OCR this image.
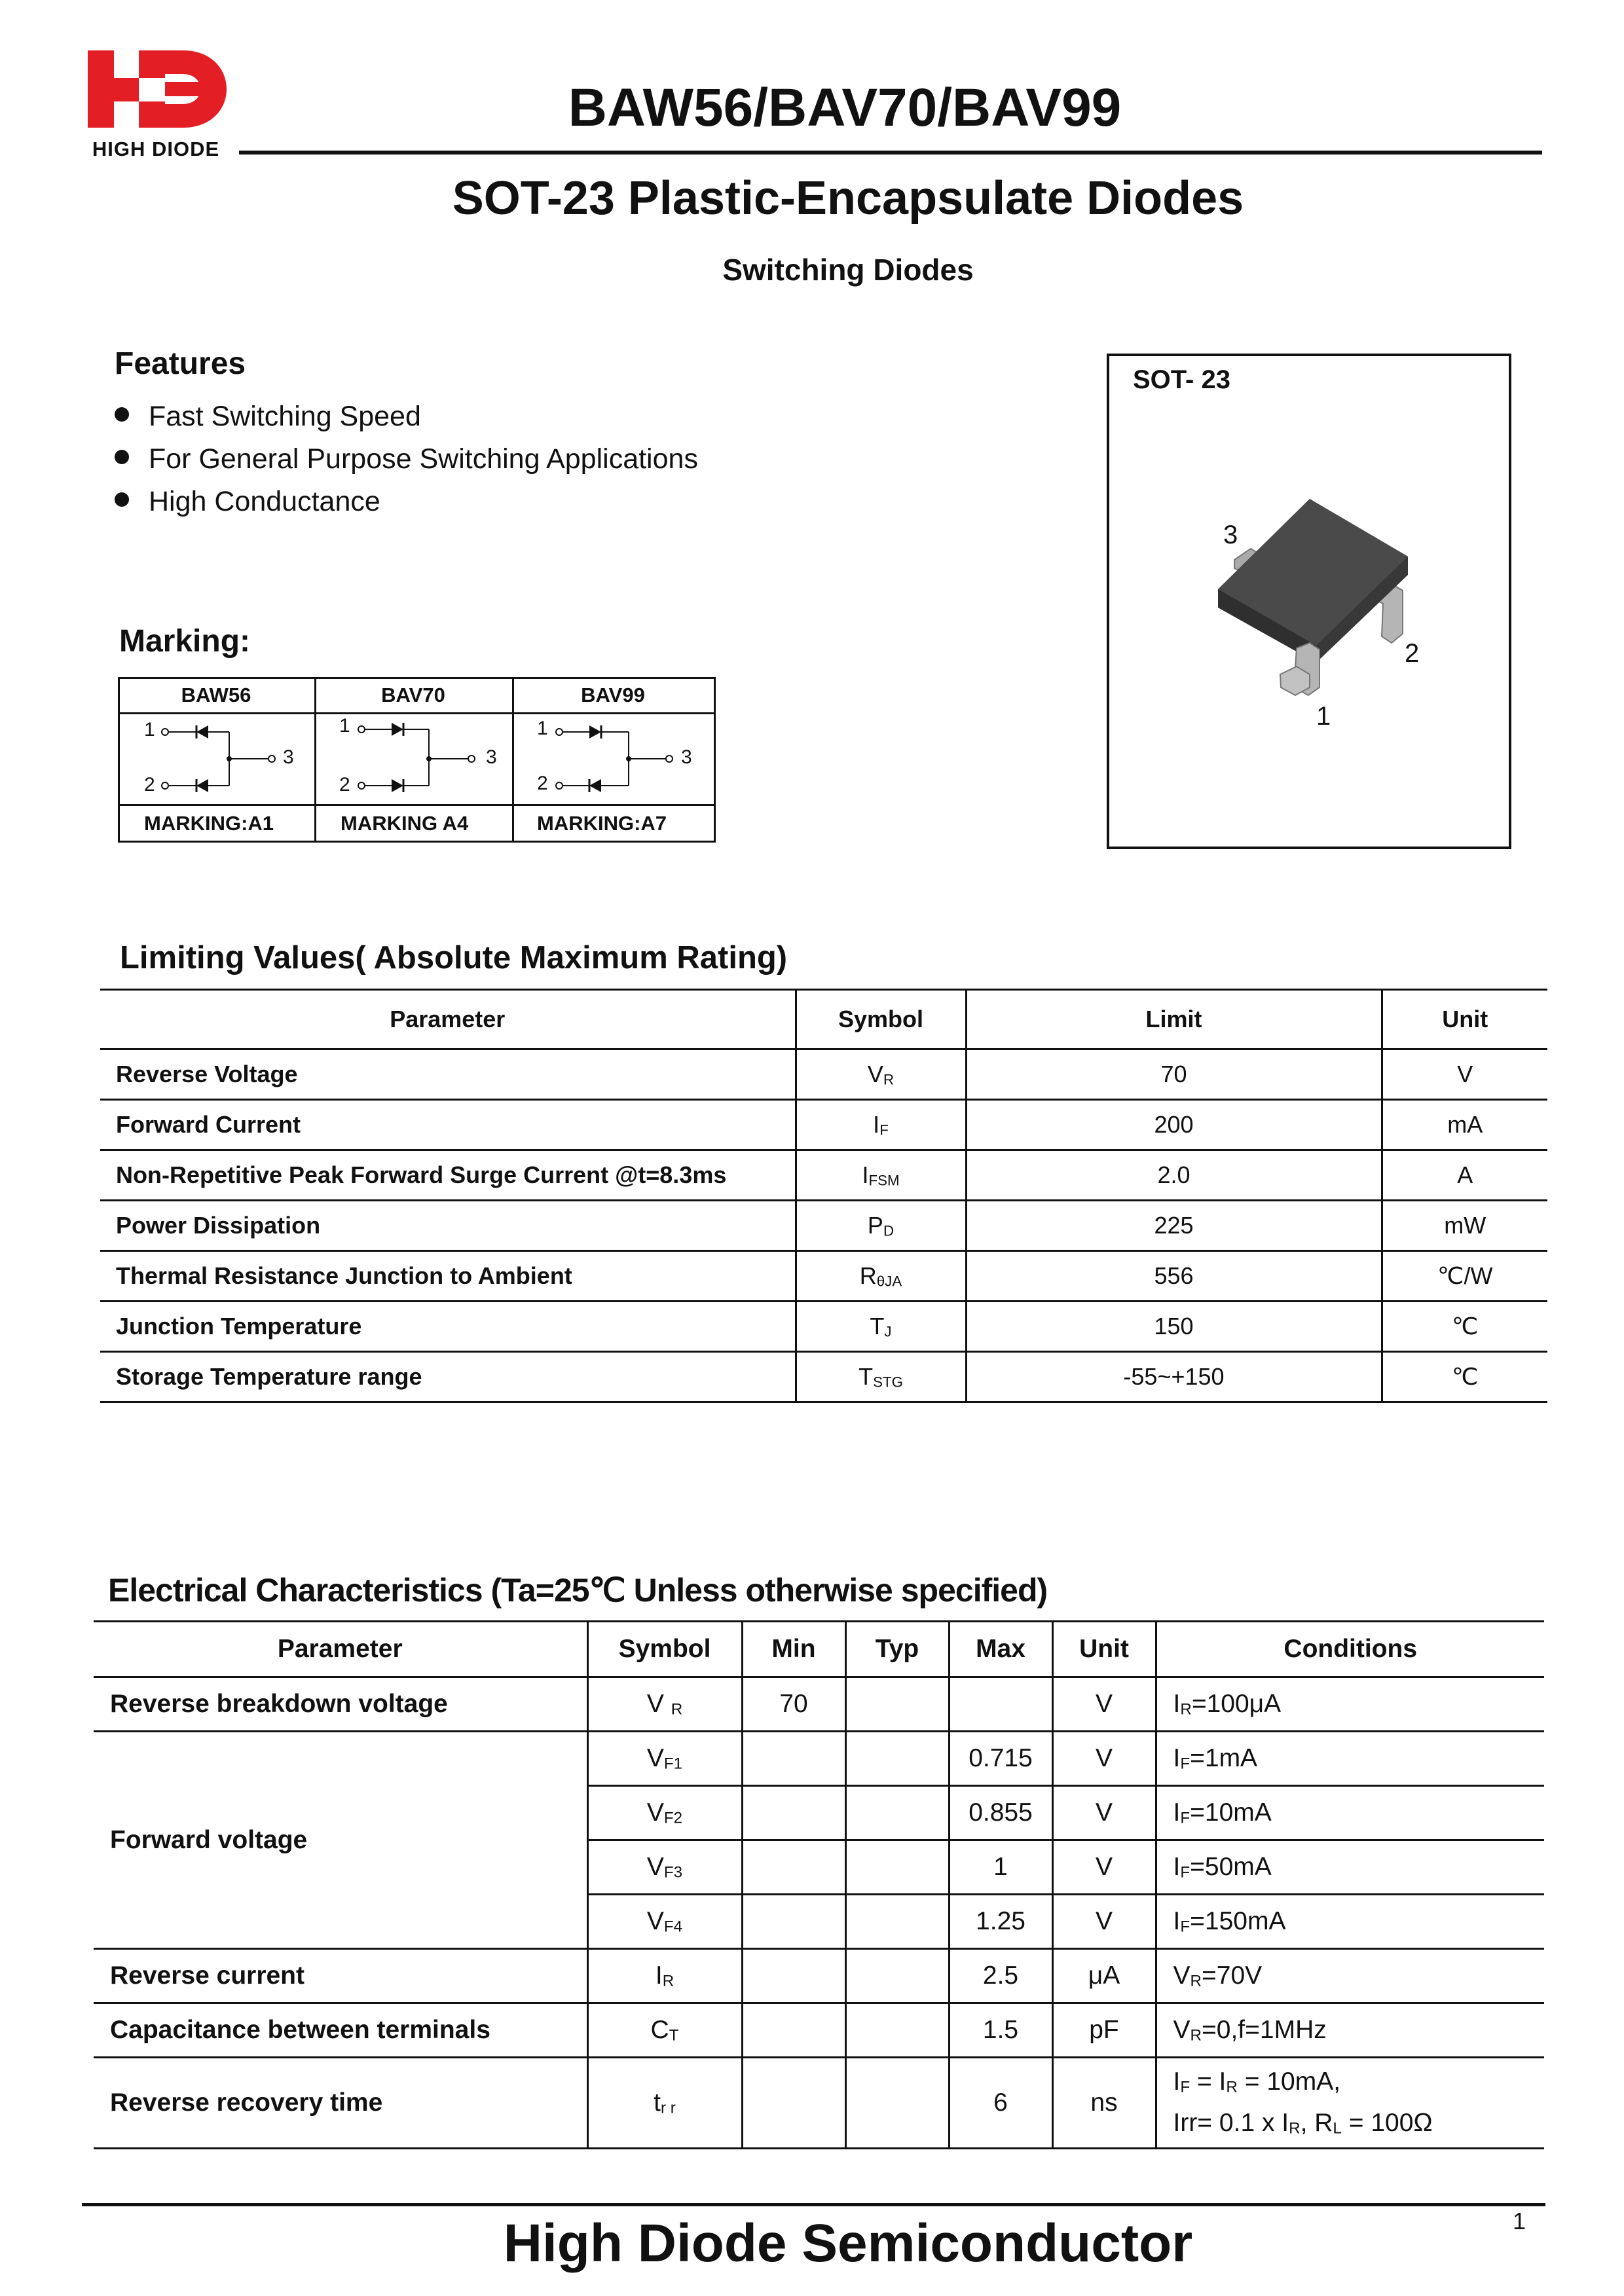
HIGH DIODE
BAW56/BAV70/BAV99
SOT-23 Plastic-Encapsulate Diodes
Switching Diodes
Features
Fast Switching Speed
For General Purpose Switching Applications
High Conductance
SOT- 23
3
2
1
Marking:
BAW56	BAV70	BAV99
1
2
3
1
2
3
1
2
3
MARKING:A1	MARKING A4	MARKING:A7
Limiting Values( Absolute Maximum Rating)
Parameter	Symbol	Limit	Unit
Reverse Voltage	$V_R$	70	V
Forward Current	$I_F$	200	mA
Non-Repetitive Peak Forward Surge Current @t=8.3ms	$I_{FSM}$	2.0	A
Power Dissipation	$P_D$	225	mW
Thermal Resistance Junction to Ambient	$R_{\theta JA}$	556	℃/W
Junction Temperature	$T_J$	150	℃
Storage Temperature range	$T_{STG}$	-55~+150	℃
Electrical Characteristics (Ta=25℃ Unless otherwise specified)
Parameter	Symbol	Min	Typ	Max	Unit	Conditions
Reverse breakdown voltage	V $_R$	70			V	$I_R=100\mu A$
Forward voltage	$V_{F1}$			0.715	V	$I_F=1mA$
	$V_{F2}$			0.855	V	$I_F=10mA$
	$V_{F3}$			1	V	$I_F=50mA$
	$V_{F4}$			1.25	V	$I_F=150mA$
Reverse current	$I_R$			2.5	μA	$V_R=70V$
Capacitance between terminals	$C_T$			1.5	pF	$V_R=0,f=1MHz$
Reverse recovery time	$t_{r r}$			6	ns	$I_F = I_R = 10mA$,
Irr= 0.1 x $I_R$, $R_L = 100\Omega$
High Diode Semiconductor	1
